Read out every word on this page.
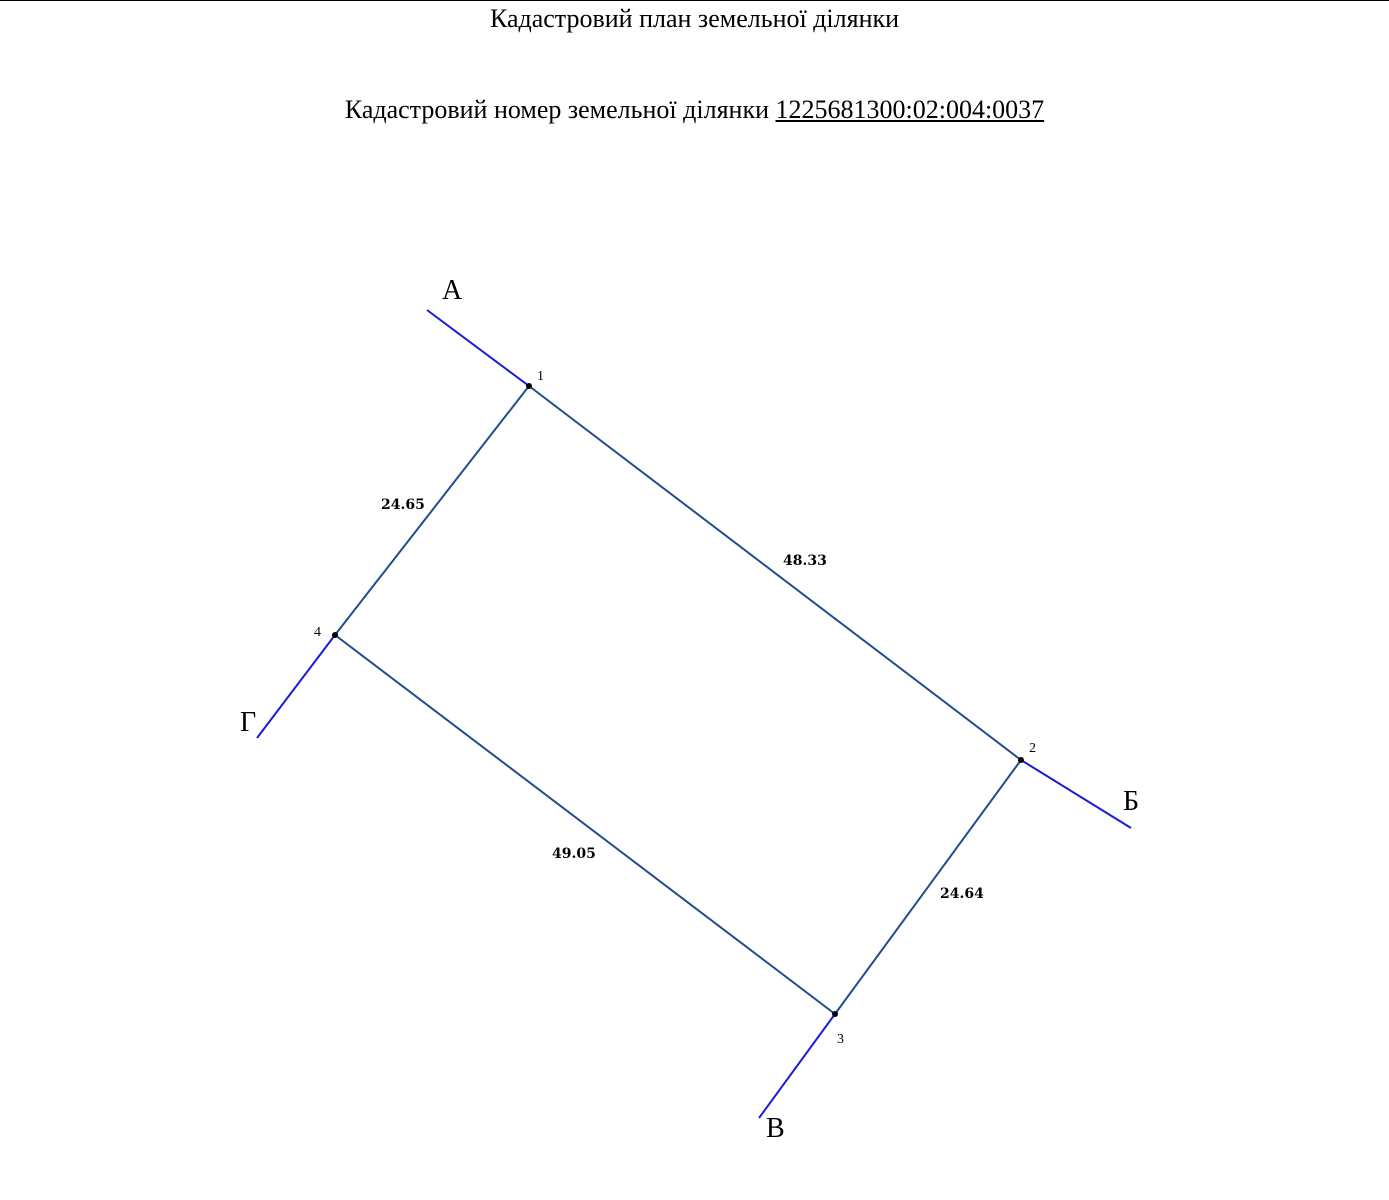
Кадастровий план земельної ділянки
Кадастровий номер земельної ділянки 1225681300:02:004:0037
1
2
3
4
48.33
24.64
49.05
24.65
А
Б
В
Г
